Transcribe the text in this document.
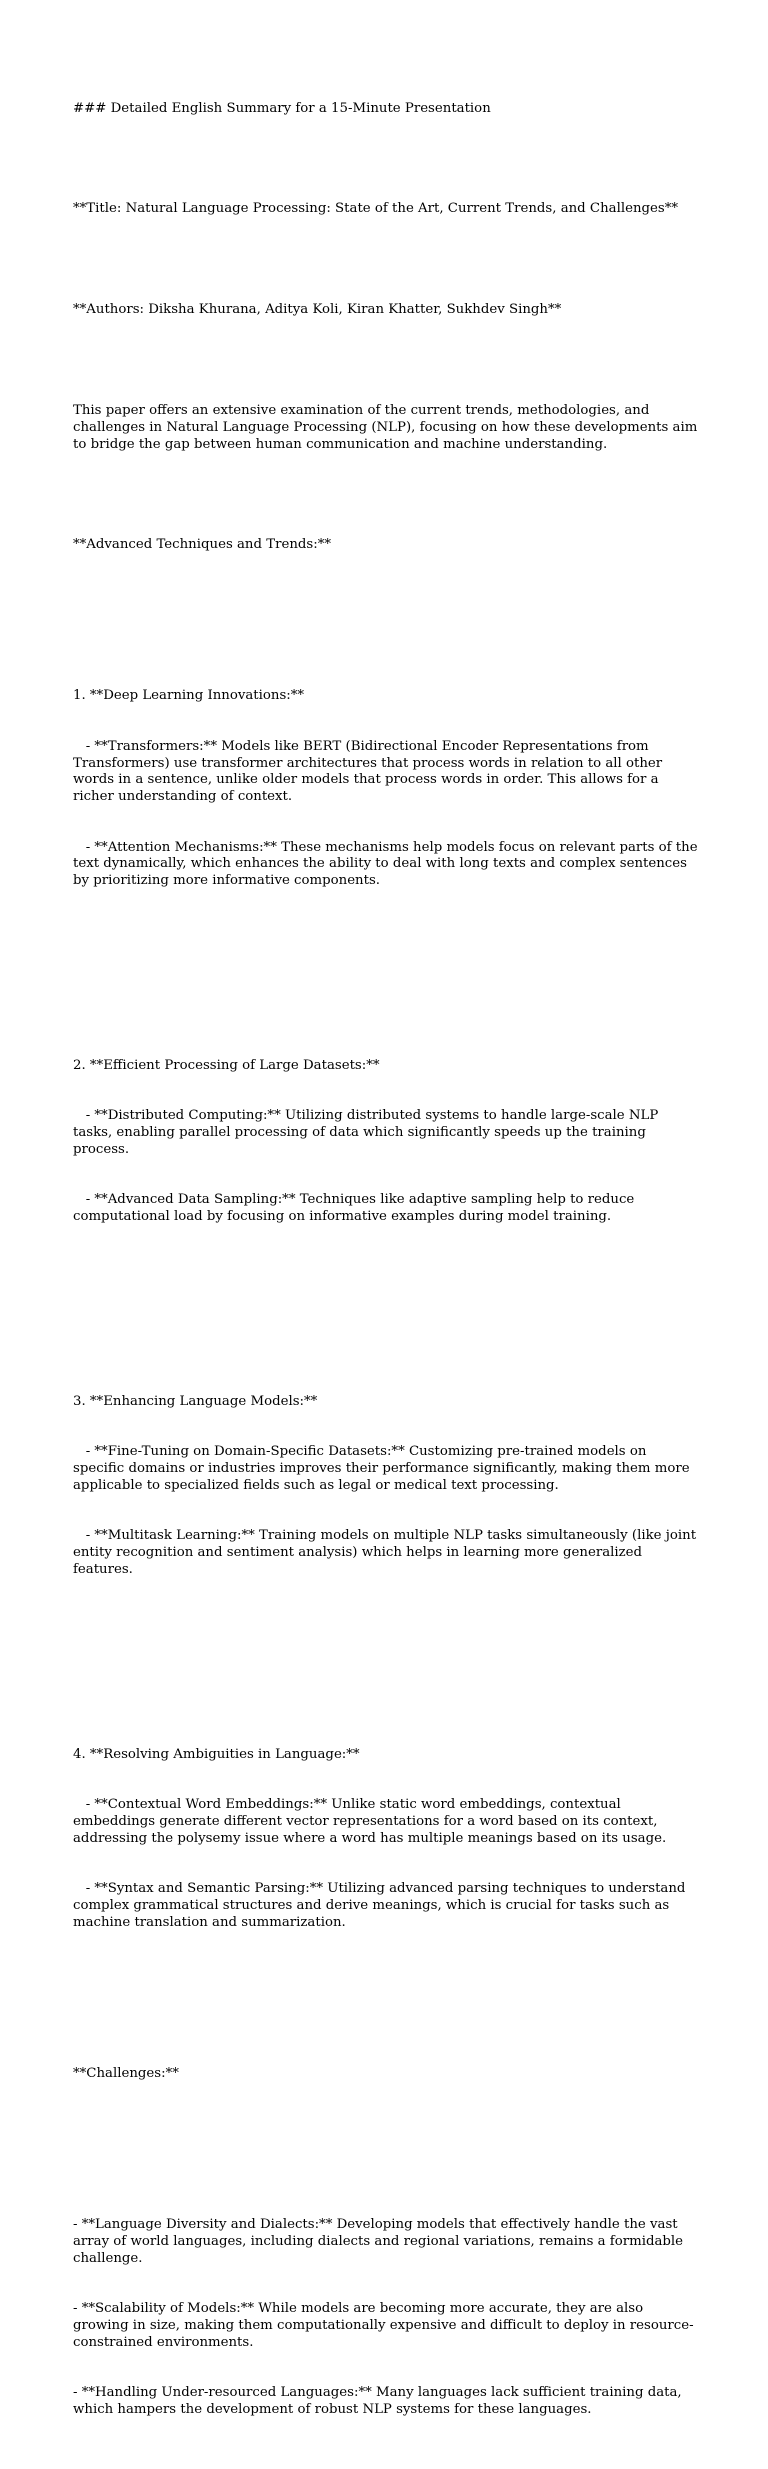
### Detailed English Summary for a 15-Minute Presentation

**Title: Natural Language Processing: State of the Art, Current Trends, and Challenges**

**Authors: Diksha Khurana, Aditya Koli, Kiran Khatter, Sukhdev Singh**

This paper offers an extensive examination of the current trends, methodologies, and challenges in Natural Language Processing (NLP), focusing on how these developments aim to bridge the gap between human communication and machine understanding.

**Advanced Techniques and Trends:**

1. **Deep Learning Innovations:**

- **Transformers:** Models like BERT (Bidirectional Encoder Representations from Transformers) use transformer architectures that process words in relation to all other words in a sentence, unlike older models that process words in order. This allows for a richer understanding of context.

- **Attention Mechanisms:** These mechanisms help models focus on relevant parts of the text dynamically, which enhances the ability to deal with long texts and complex sentences by prioritizing more informative components.

2. **Efficient Processing of Large Datasets:**

- **Distributed Computing:** Utilizing distributed systems to handle large-scale NLP tasks, enabling parallel processing of data which significantly speeds up the training process.

- **Advanced Data Sampling:** Techniques like adaptive sampling help to reduce computational load by focusing on informative examples during model training.

3. **Enhancing Language Models:**

- **Fine-Tuning on Domain-Specific Datasets:** Customizing pre-trained models on specific domains or industries improves their performance significantly, making them more applicable to specialized fields such as legal or medical text processing.

- **Multitask Learning:** Training models on multiple NLP tasks simultaneously (like joint entity recognition and sentiment analysis) which helps in learning more generalized features.

4. **Resolving Ambiguities in Language:**

- **Contextual Word Embeddings:** Unlike static word embeddings, contextual embeddings generate different vector representations for a word based on its context, addressing the polysemy issue where a word has multiple meanings based on its usage.

- **Syntax and Semantic Parsing:** Utilizing advanced parsing techniques to understand complex grammatical structures and derive meanings, which is crucial for tasks such as machine translation and summarization.

**Challenges:**

- **Language Diversity and Dialects:** Developing models that effectively handle the vast array of world languages, including dialects and regional variations, remains a formidable challenge.

- **Scalability of Models:** While models are becoming more accurate, they are also growing in size, making them computationally expensive and difficult to deploy in resource-constrained environments.

- **Handling Under-resourced Languages:** Many languages lack sufficient training data, which hampers the development of robust NLP systems for these languages.
